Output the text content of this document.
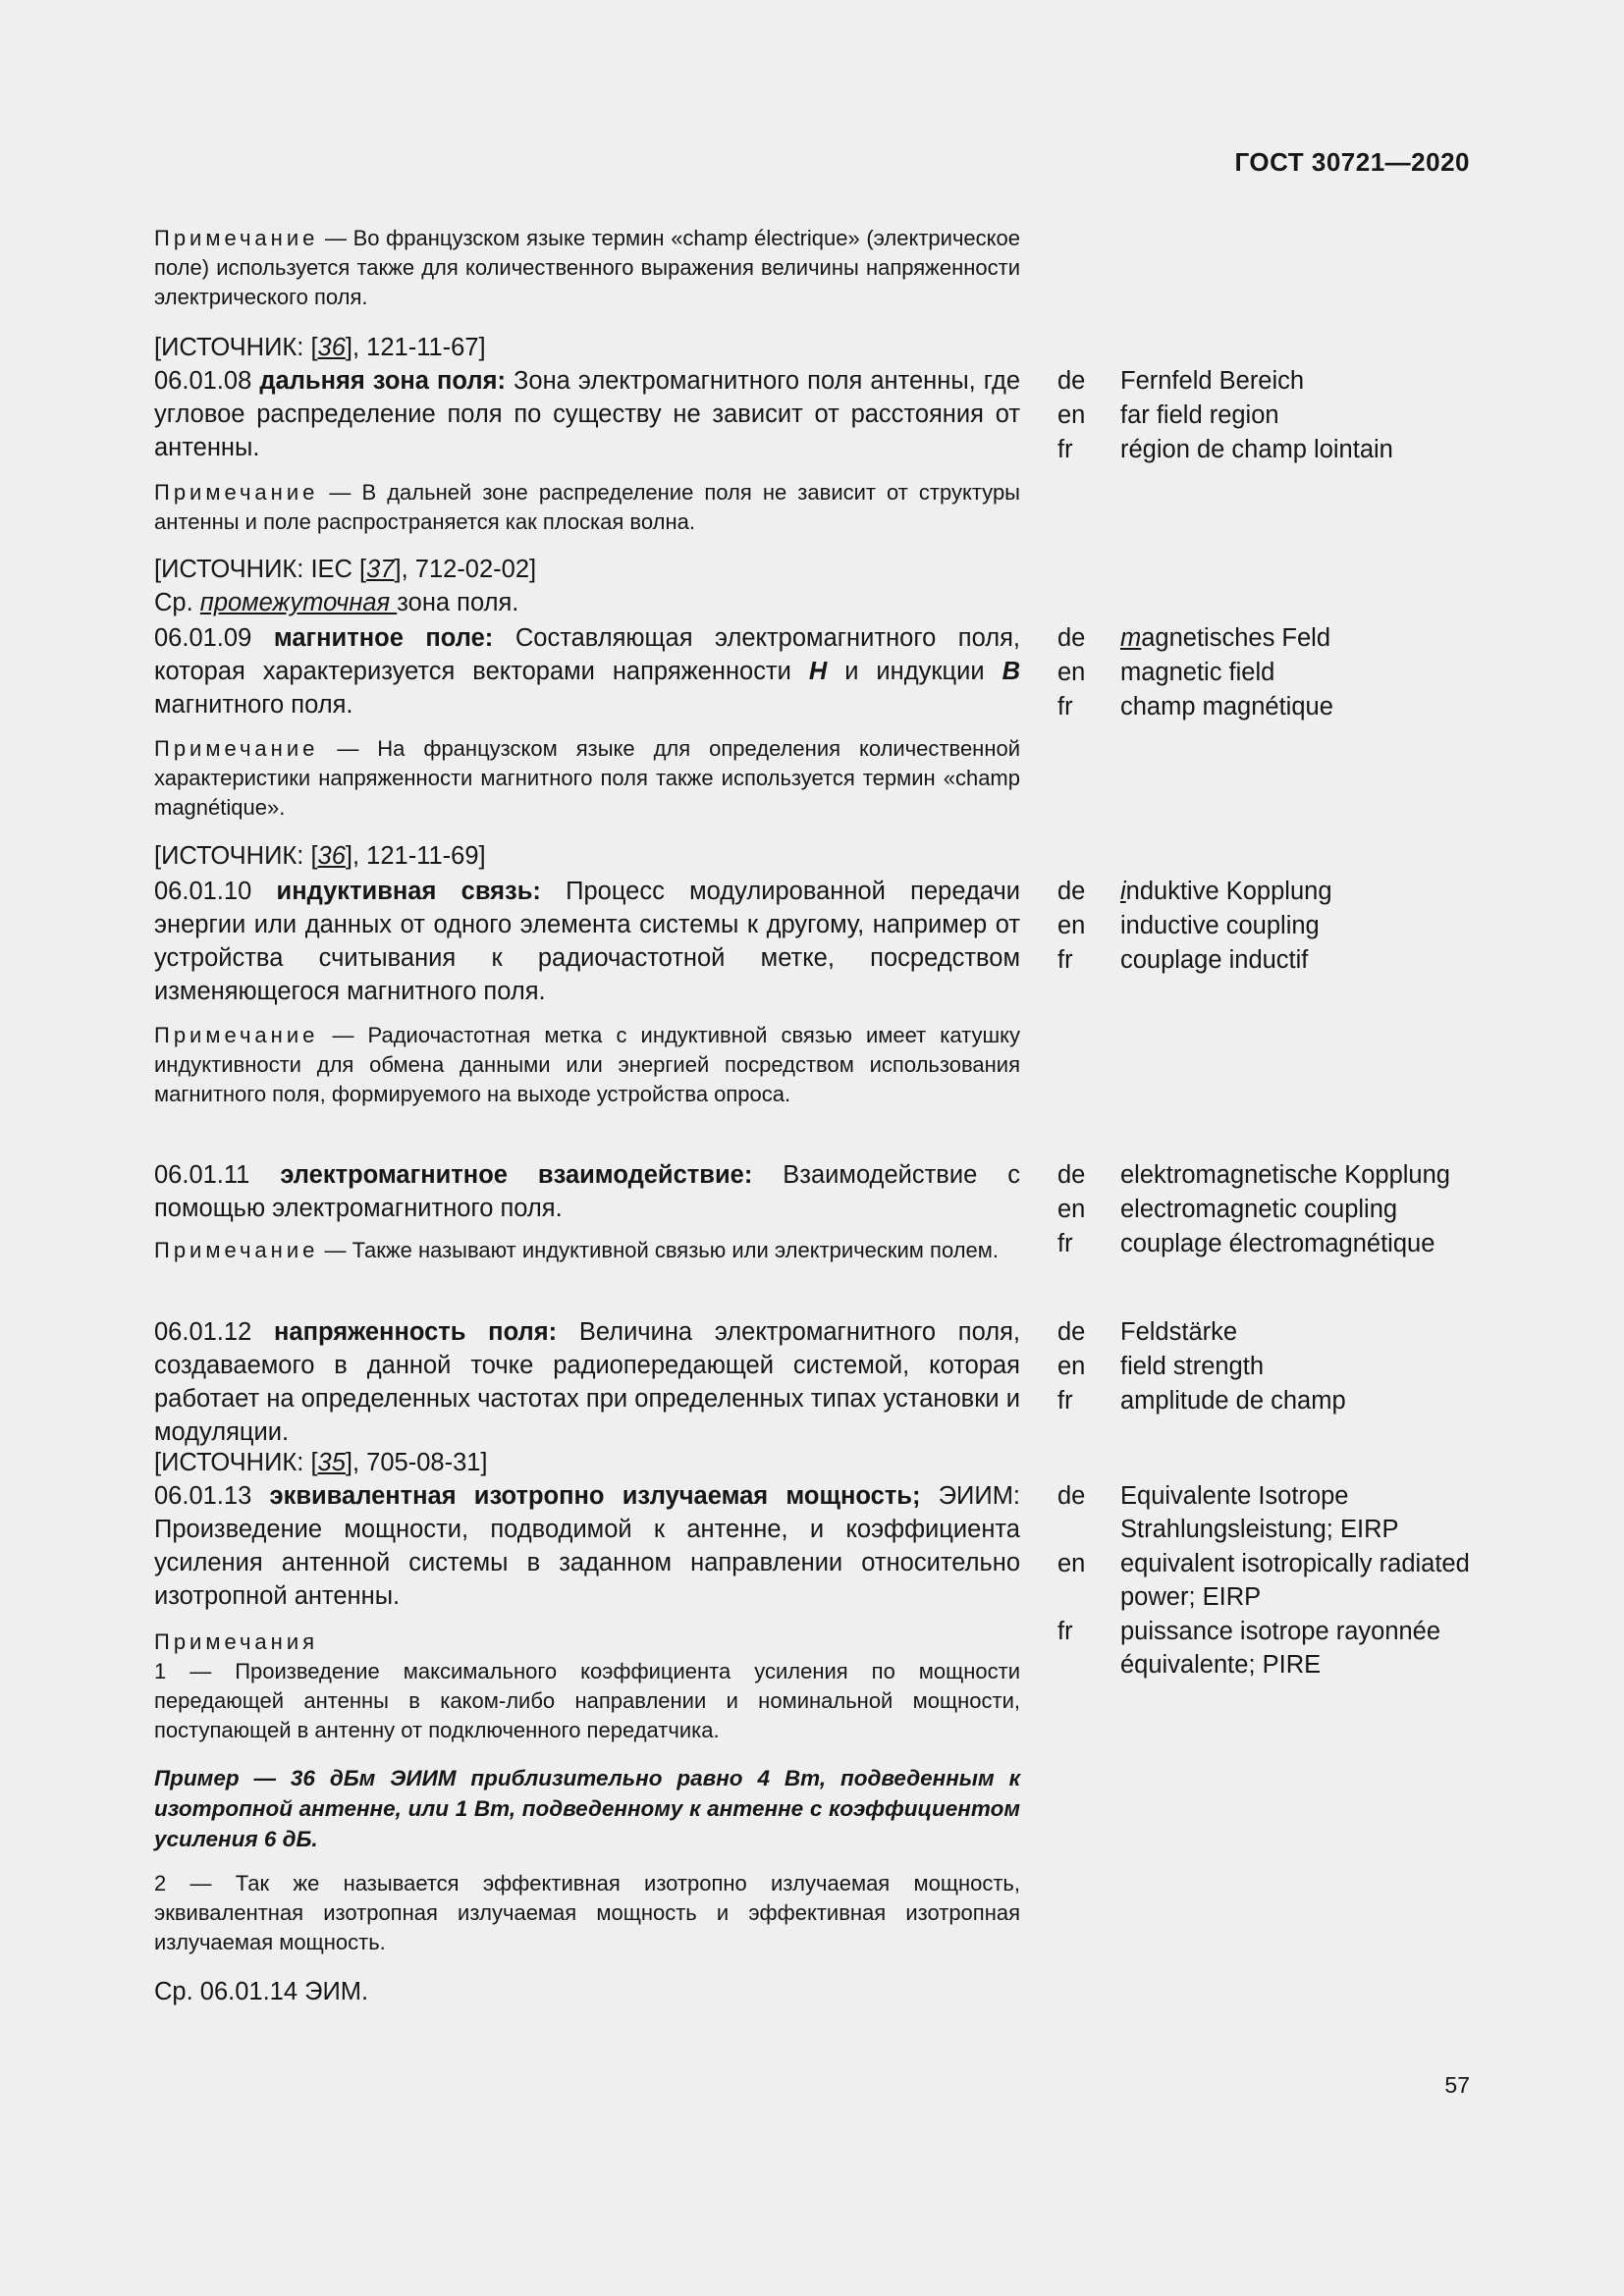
ГОСТ 30721—2020
Примечание — Во французском языке термин «champ électrique» (электрическое поле) используется также для количественного выражения величины напряженности электрического поля.
[ИСТОЧНИК: [36], 121-11-67]
06.01.08 дальняя зона поля: Зона электромагнитного поля антенны, где угловое распределение поля по существу не зависит от расстояния от антенны.
de	Fernfeld Bereich
en	far field region
fr	région de champ lointain
Примечание — В дальней зоне распределение поля не зависит от структуры антенны и поле распространяется как плоская волна.
[ИСТОЧНИК: IEC [37], 712-02-02]
Ср. промежуточная зона поля.
06.01.09 магнитное поле: Составляющая электромагнитного поля, которая характеризуется векторами напряженности H и индукции B магнитного поля.
de	magnetisches Feld
en	magnetic field
fr	champ magnétique
Примечание — На французском языке для определения количественной характеристики напряженности магнитного поля также используется термин «champ magnétique».
[ИСТОЧНИК: [36], 121-11-69]
06.01.10 индуктивная связь: Процесс модулированной передачи энергии или данных от одного элемента системы к другому, например от устройства считывания к радиочастотной метке, посредством изменяющегося магнитного поля.
de	induktive Kopplung
en	inductive coupling
fr	couplage inductif
Примечание — Радиочастотная метка с индуктивной связью имеет катушку индуктивности для обмена данными или энергией посредством использования магнитного поля, формируемого на выходе устройства опроса.
06.01.11 электромагнитное взаимодействие: Взаимодействие с помощью электромагнитного поля.
de	elektromagnetische Kopplung
en	electromagnetic coupling
fr	couplage électromagnétique
Примечание — Также называют индуктивной связью или электрическим полем.
06.01.12 напряженность поля: Величина электромагнитного поля, создаваемого в данной точке радиопередающей системой, которая работает на определенных частотах при определенных типах установки и модуляции.
de	Feldstärke
en	field strength
fr	amplitude de champ
[ИСТОЧНИК: [35], 705-08-31]
06.01.13 эквивалентная изотропно излучаемая мощность; ЭИИМ: Произведение мощности, подводимой к антенне, и коэффициента усиления антенной системы в заданном направлении относительно изотропной антенны.
de	Equivalente Isotrope Strahlungsleistung; EIRP
en	equivalent isotropically radiated power; EIRP
fr	puissance isotrope rayonnée équivalente; PIRE
Примечания
1 — Произведение максимального коэффициента усиления по мощности передающей антенны в каком-либо направлении и номинальной мощности, поступающей в антенну от подключенного передатчика.
Пример — 36 дБм ЭИИМ приблизительно равно 4 Вт, подведенным к изотропной антенне, или 1 Вт, подведенному к антенне с коэффициентом усиления 6 дБ.
2 — Так же называется эффективная изотропно излучаемая мощность, эквивалентная изотропная излучаемая мощность и эффективная изотропная излучаемая мощность.
Ср. 06.01.14 ЭИМ.
57
